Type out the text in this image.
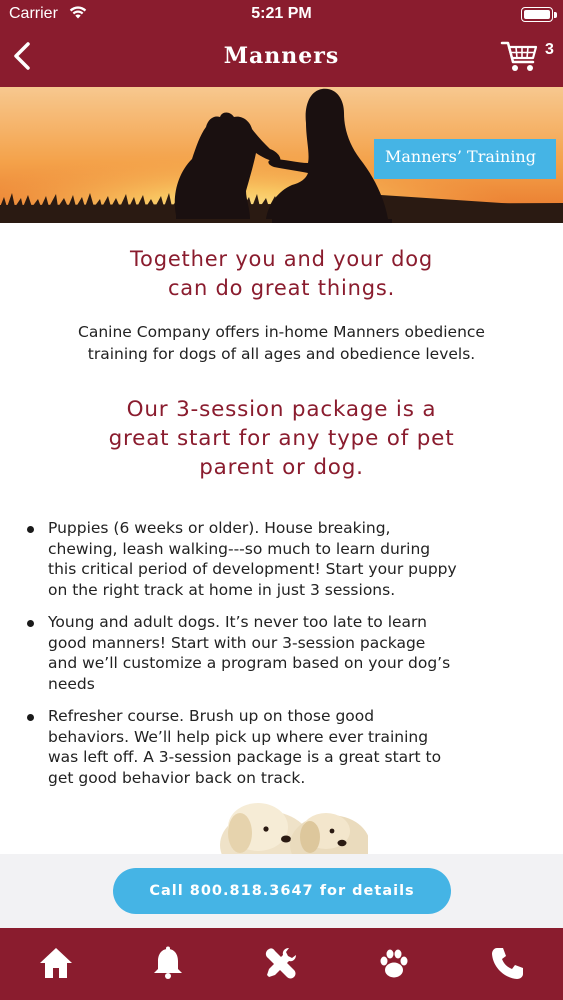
Carrier	5:21 PM
Manners	3
Manners’ Training
Together you and your dog
can do great things.
Canine Company offers in-home Manners obedience
training for dogs of all ages and obedience levels.
Our 3-session package is a
great start for any type of pet
parent or dog.
Puppies (6 weeks or older). House breaking,
chewing, leash walking---so much to learn during
this critical period of development! Start your puppy
on the right track at home in just 3 sessions.
Young and adult dogs. It’s never too late to learn
good manners! Start with our 3-session package
and we’ll customize a program based on your dog’s
needs
Refresher course. Brush up on those good
behaviors. We’ll help pick up where ever training
was left off. A 3-session package is a great start to
get good behavior back on track.
Call 800.818.3647 for details
